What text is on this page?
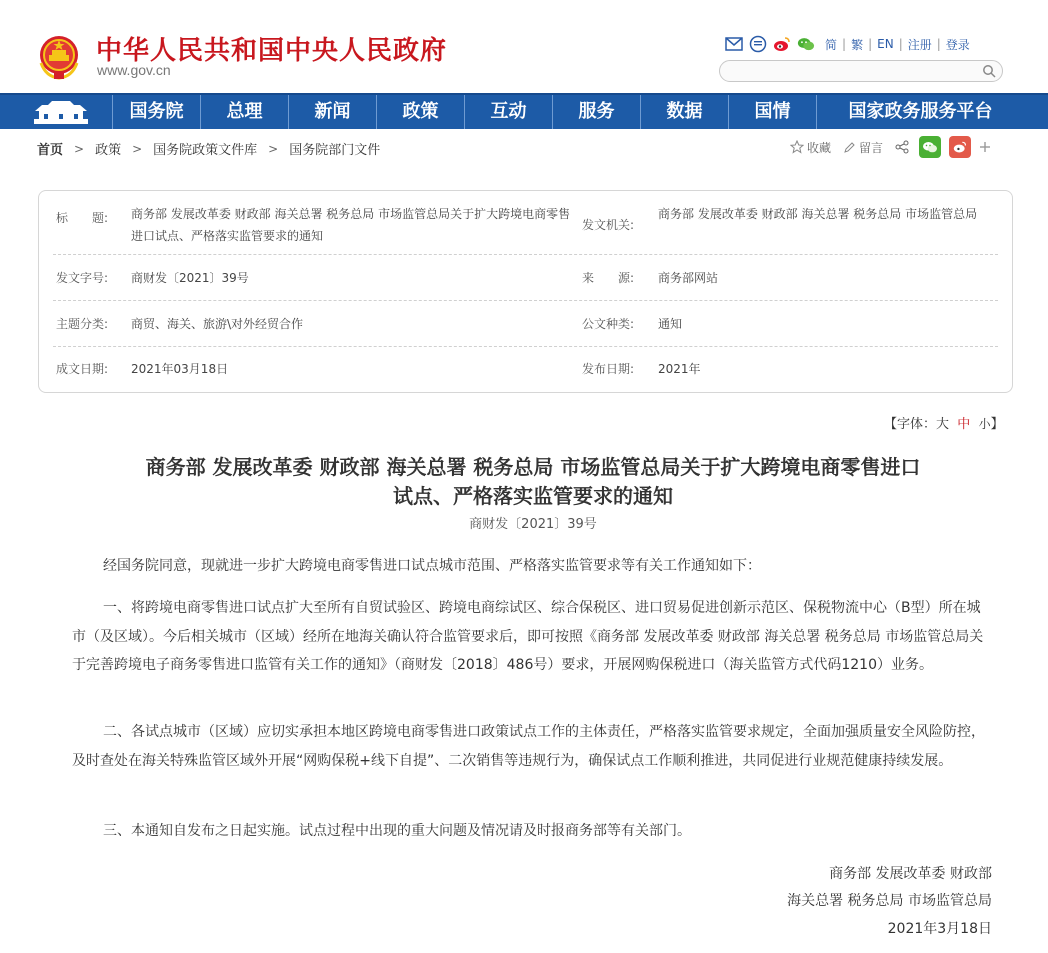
中华人民共和国中央人民政府
www.gov.cn
简 | 繁 | EN | 注册 | 登录
国务院	总理	新闻	政策	互动	服务	数据	国情	国家政务服务平台
首页 > 政策 > 国务院政策文件库 > 国务院部门文件	收藏 留言
标　　题: 商务部 发展改革委 财政部 海关总署 税务总局 市场监管总局关于扩大跨境电商零售进口试点、严格落实监管要求的通知
发文机关:
商务部 发展改革委 财政部 海关总署 税务总局 市场监管总局
发文字号: 商财发〔2021〕39号	来　　源: 商务部网站
主题分类: 商贸、海关、旅游\对外经贸合作	公文种类: 通知
成文日期: 2021年03月18日	发布日期: 2021年
【字体：大 中 小】
商务部 发展改革委 财政部 海关总署 税务总局 市场监管总局关于扩大跨境电商零售进口
试点、严格落实监管要求的通知
商财发〔2021〕39号
经国务院同意，现就进一步扩大跨境电商零售进口试点城市范围、严格落实监管要求等有关工作通知如下：
一、将跨境电商零售进口试点扩大至所有自贸试验区、跨境电商综试区、综合保税区、进口贸易促进创新示范区、保税物流中心（B型）所在城市（及区域）。今后相关城市（区域）经所在地海关确认符合监管要求后，即可按照《商务部 发展改革委 财政部 海关总署 税务总局 市场监管总局关于完善跨境电子商务零售进口监管有关工作的通知》（商财发〔2018〕486号）要求，开展网购保税进口（海关监管方式代码1210）业务。
二、各试点城市（区域）应切实承担本地区跨境电商零售进口政策试点工作的主体责任，严格落实监管要求规定，全面加强质量安全风险防控，及时查处在海关特殊监管区域外开展“网购保税+线下自提”、二次销售等违规行为，确保试点工作顺利推进，共同促进行业规范健康持续发展。
三、本通知自发布之日起实施。试点过程中出现的重大问题及情况请及时报商务部等有关部门。
商务部 发展改革委 财政部
海关总署 税务总局 市场监管总局
2021年3月18日
